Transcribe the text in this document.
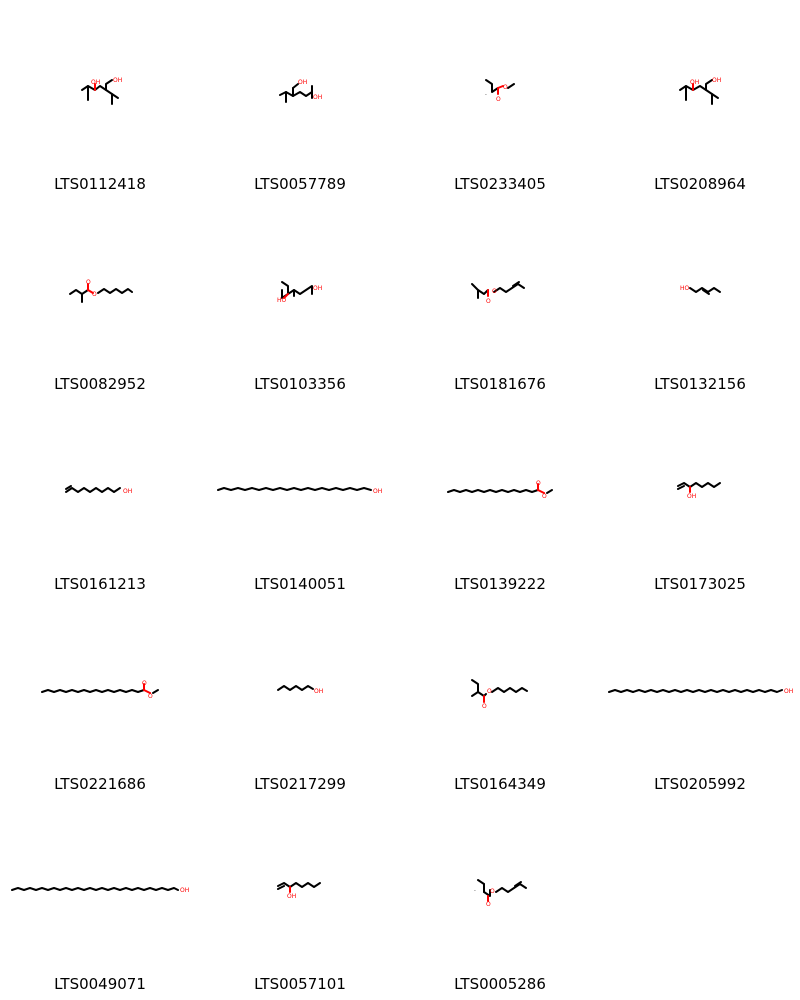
OH OH
LTS0112418
OH
OH
LTS0057789
O
O
·
LTS0233405
OH OH
LTS0208964
O
O
LTS0082952
HO
OH
LTS0103356
O
O
LTS0181676
HO
LTS0132156
OH
LTS0161213
OH
LTS0140051
O
O
LTS0139222
OH
LTS0173025
O
O
LTS0221686
OH
LTS0217299
O
O
LTS0164349
OH
LTS0205992
OH
LTS0049071
OH
LTS0057101
O
O
·
LTS0005286
